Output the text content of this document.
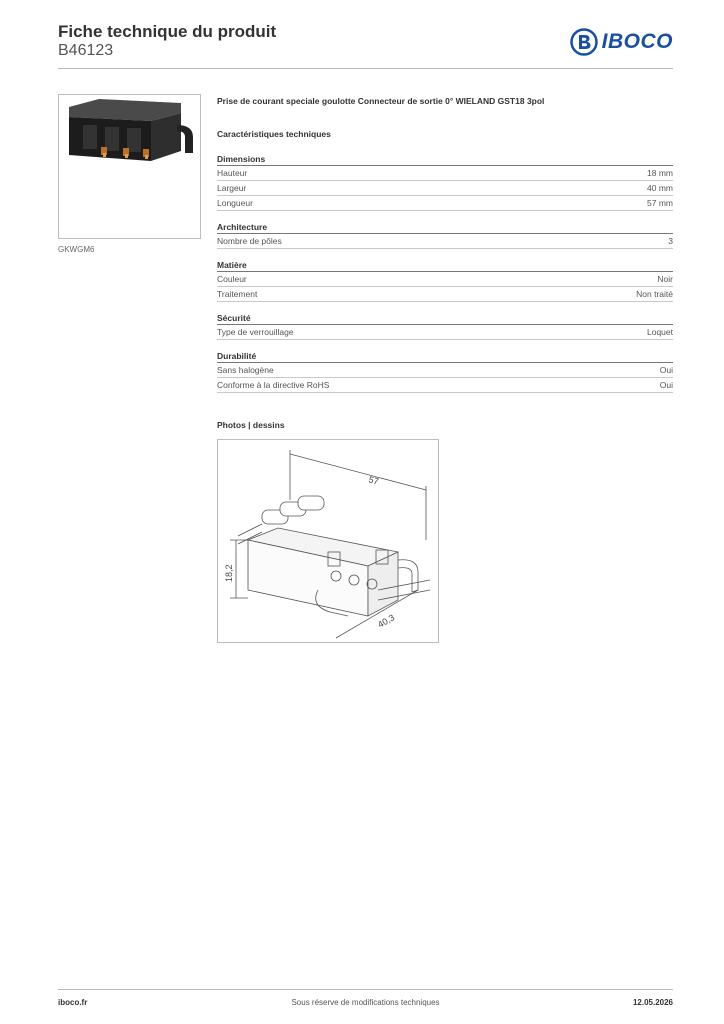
Fiche technique du produit
B46123	IBOCO
GKWGM6
Prise de courant speciale goulotte Connecteur de sortie 0° WIELAND GST18 3pol
Caractéristiques techniques
Dimensions
Hauteur	18 mm
Largeur	40 mm
Longueur	57 mm
Architecture
Nombre de pôles	3
Matière
Couleur	Noir
Traitement	Non traité
Sécurité
Type de verrouillage	Loquet
Durabilité
Sans halogène	Oui
Conforme à la directive RoHS	Oui
Photos | dessins
57
18,2
40,3
iboco.fr	Sous réserve de modifications techniques	12.05.2026
